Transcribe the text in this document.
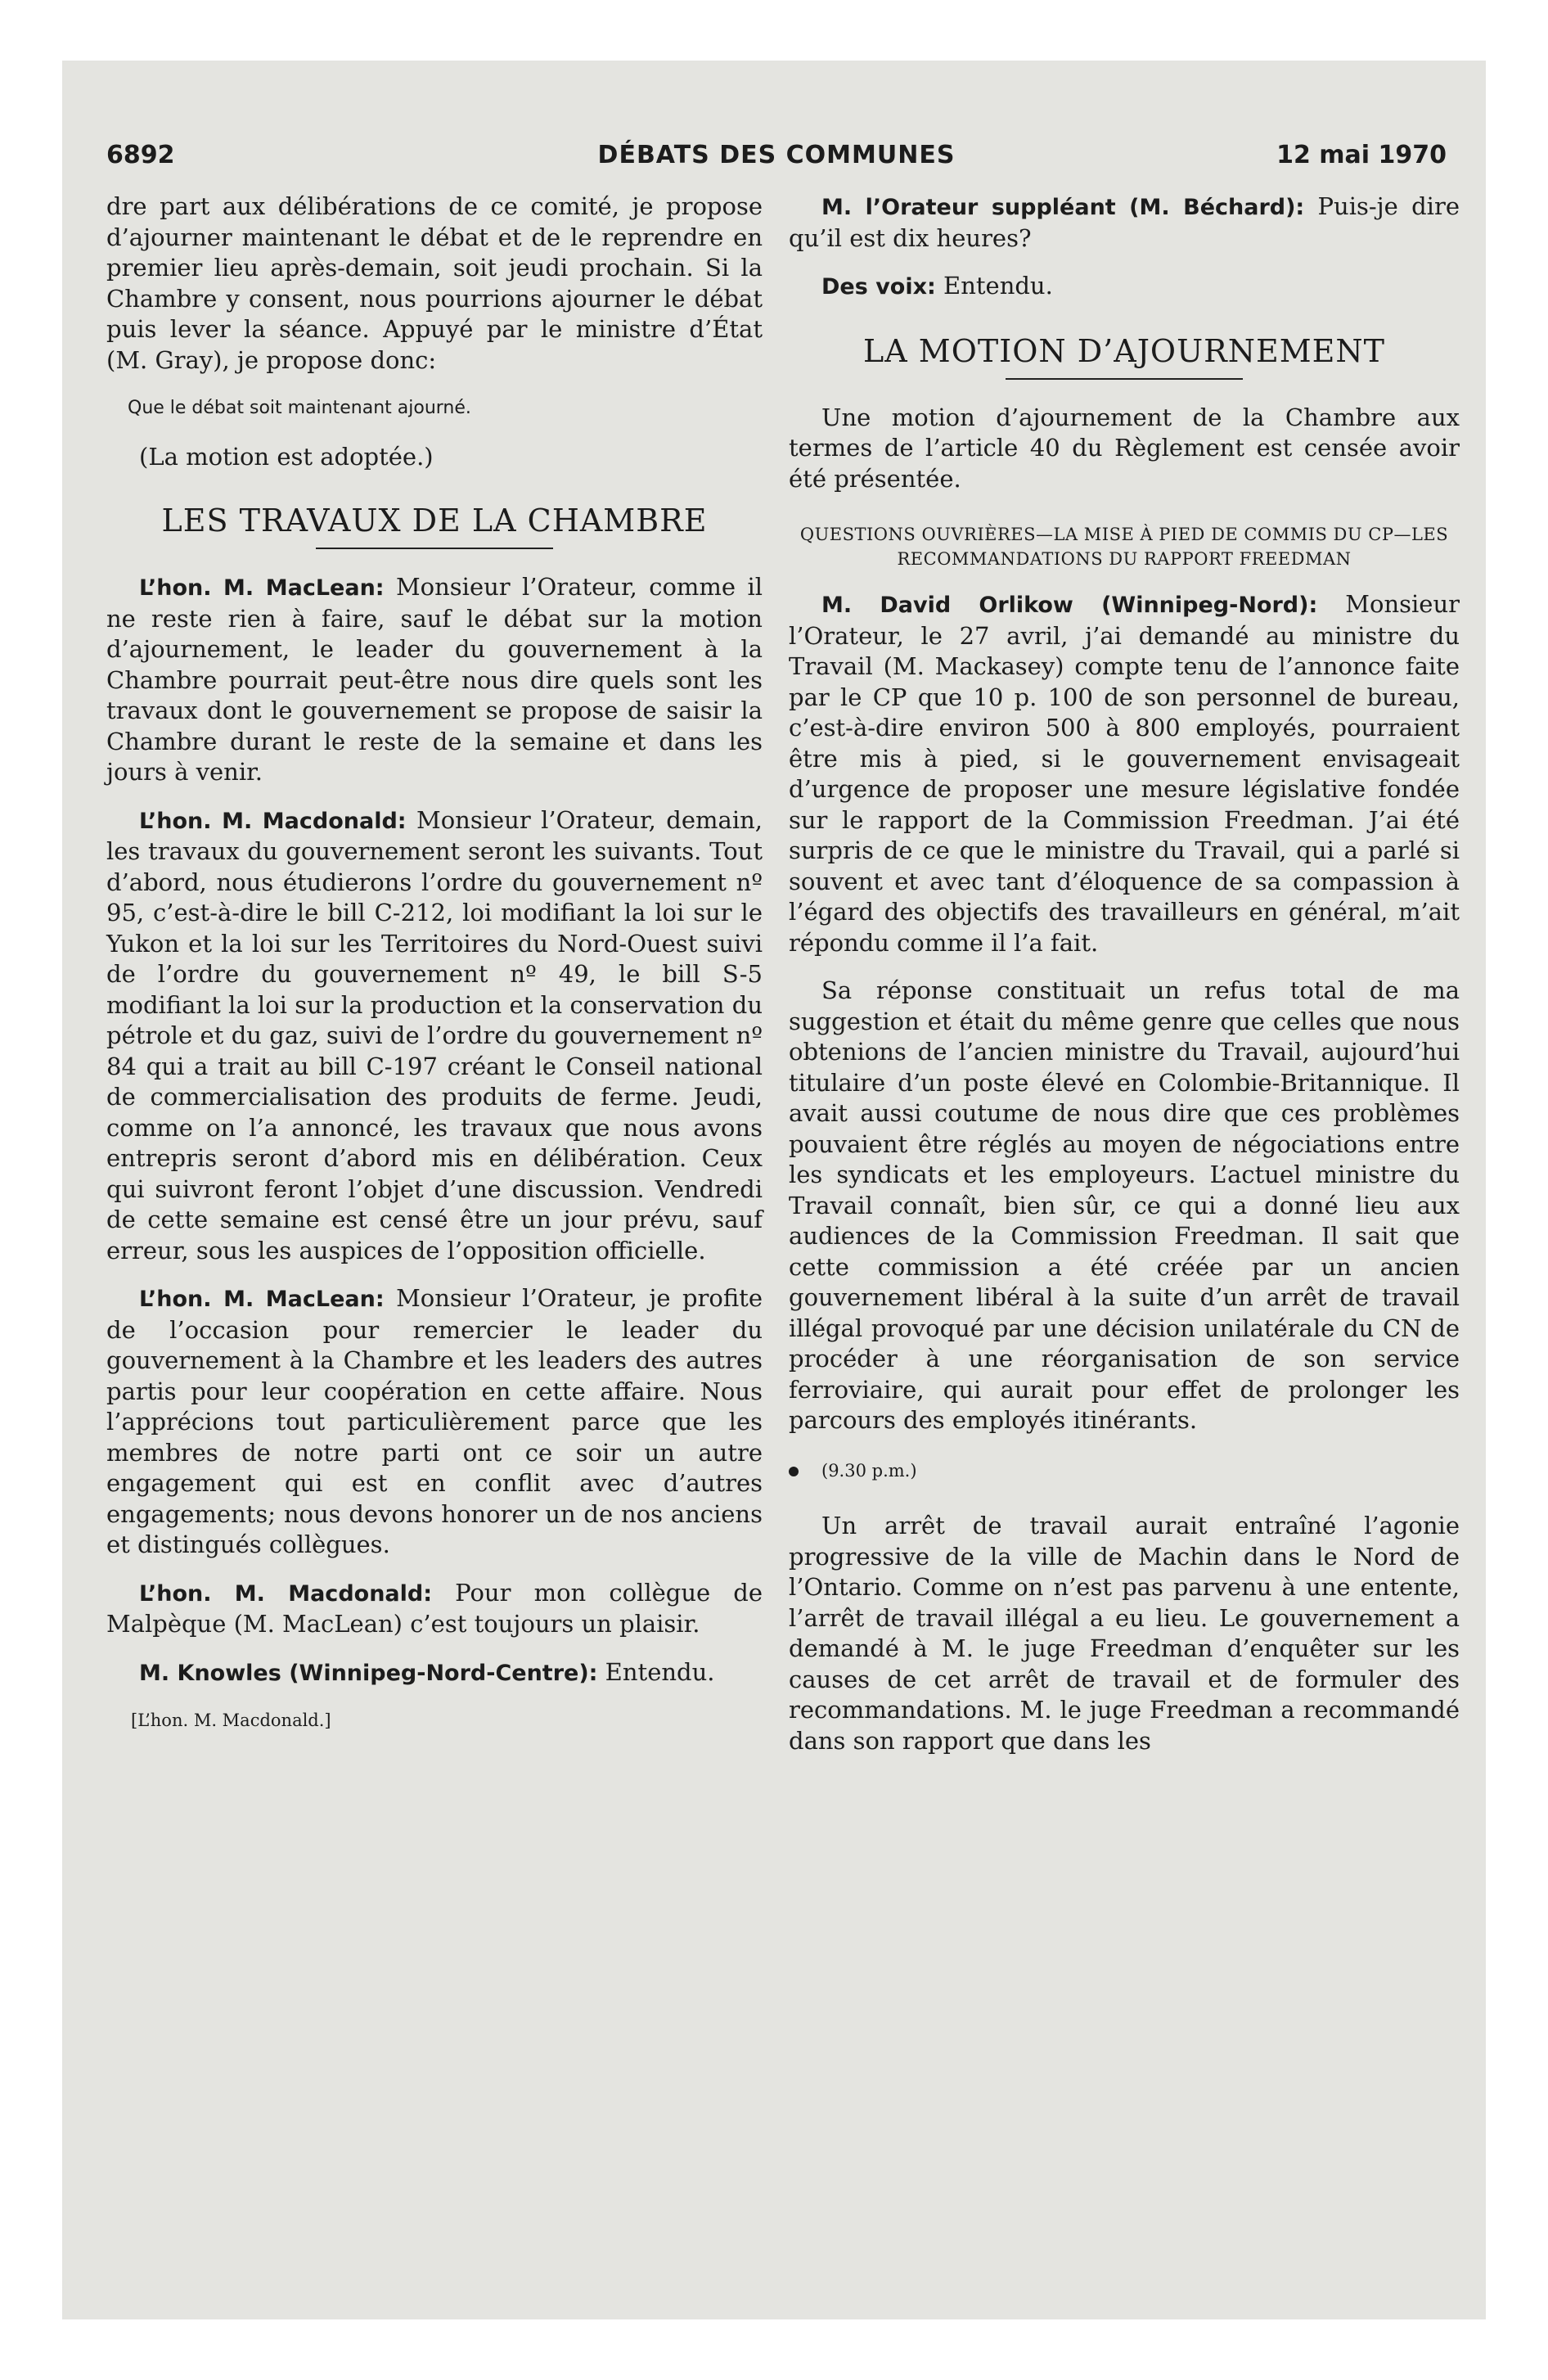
6892	DÉBATS DES COMMUNES	12 mai 1970

dre part aux délibérations de ce comité, je propose d’ajourner maintenant le débat et de le reprendre en premier lieu après-demain, soit jeudi prochain. Si la Chambre y consent, nous pourrions ajourner le débat puis lever la séance. Appuyé par le ministre d’État (M. Gray), je propose donc:

Que le débat soit maintenant ajourné.

(La motion est adoptée.)

LES TRAVAUX DE LA CHAMBRE

L’hon. M. MacLean: Monsieur l’Orateur, comme il ne reste rien à faire, sauf le débat sur la motion d’ajournement, le leader du gouvernement à la Chambre pourrait peut-être nous dire quels sont les travaux dont le gouvernement se propose de saisir la Chambre durant le reste de la semaine et dans les jours à venir.

L’hon. M. Macdonald: Monsieur l’Orateur, demain, les travaux du gouvernement seront les suivants. Tout d’abord, nous étudierons l’ordre du gouvernement nº 95, c’est-à-dire le bill C-212, loi modifiant la loi sur le Yukon et la loi sur les Territoires du Nord-Ouest suivi de l’ordre du gouvernement nº 49, le bill S-5 modifiant la loi sur la production et la conservation du pétrole et du gaz, suivi de l’ordre du gouvernement nº 84 qui a trait au bill C-197 créant le Conseil national de commercialisation des produits de ferme. Jeudi, comme on l’a annoncé, les travaux que nous avons entrepris seront d’abord mis en délibération. Ceux qui suivront feront l’objet d’une discussion. Vendredi de cette semaine est censé être un jour prévu, sauf erreur, sous les auspices de l’opposition officielle.

L’hon. M. MacLean: Monsieur l’Orateur, je profite de l’occasion pour remercier le leader du gouvernement à la Chambre et les leaders des autres partis pour leur coopération en cette affaire. Nous l’apprécions tout particulièrement parce que les membres de notre parti ont ce soir un autre engagement qui est en conflit avec d’autres engagements; nous devons honorer un de nos anciens et distingués collègues.

L’hon. M. Macdonald: Pour mon collègue de Malpèque (M. MacLean) c’est toujours un plaisir.

M. Knowles (Winnipeg-Nord-Centre): Entendu.

[L’hon. M. Macdonald.]

M. l’Orateur suppléant (M. Béchard): Puis-je dire qu’il est dix heures?

Des voix: Entendu.

LA MOTION D’AJOURNEMENT

Une motion d’ajournement de la Chambre aux termes de l’article 40 du Règlement est censée avoir été présentée.

QUESTIONS OUVRIÈRES—LA MISE À PIED DE COMMIS DU CP—LES RECOMMANDATIONS DU RAPPORT FREEDMAN

M. David Orlikow (Winnipeg-Nord): Monsieur l’Orateur, le 27 avril, j’ai demandé au ministre du Travail (M. Mackasey) compte tenu de l’annonce faite par le CP que 10 p. 100 de son personnel de bureau, c’est-à-dire environ 500 à 800 employés, pourraient être mis à pied, si le gouvernement envisageait d’urgence de proposer une mesure législative fondée sur le rapport de la Commission Freedman. J’ai été surpris de ce que le ministre du Travail, qui a parlé si souvent et avec tant d’éloquence de sa compassion à l’égard des objectifs des travailleurs en général, m’ait répondu comme il l’a fait.

Sa réponse constituait un refus total de ma suggestion et était du même genre que celles que nous obtenions de l’ancien ministre du Travail, aujourd’hui titulaire d’un poste élevé en Colombie-Britannique. Il avait aussi coutume de nous dire que ces problèmes pouvaient être réglés au moyen de négociations entre les syndicats et les employeurs. L’actuel ministre du Travail connaît, bien sûr, ce qui a donné lieu aux audiences de la Commission Freedman. Il sait que cette commission a été créée par un ancien gouvernement libéral à la suite d’un arrêt de travail illégal provoqué par une décision unilatérale du CN de procéder à une réorganisation de son service ferroviaire, qui aurait pour effet de prolonger les parcours des employés itinérants.

(9.30 p.m.)

Un arrêt de travail aurait entraîné l’agonie progressive de la ville de Machin dans le Nord de l’Ontario. Comme on n’est pas parvenu à une entente, l’arrêt de travail illégal a eu lieu. Le gouvernement a demandé à M. le juge Freedman d’enquêter sur les causes de cet arrêt de travail et de formuler des recommandations. M. le juge Freedman a recommandé dans son rapport que dans les
